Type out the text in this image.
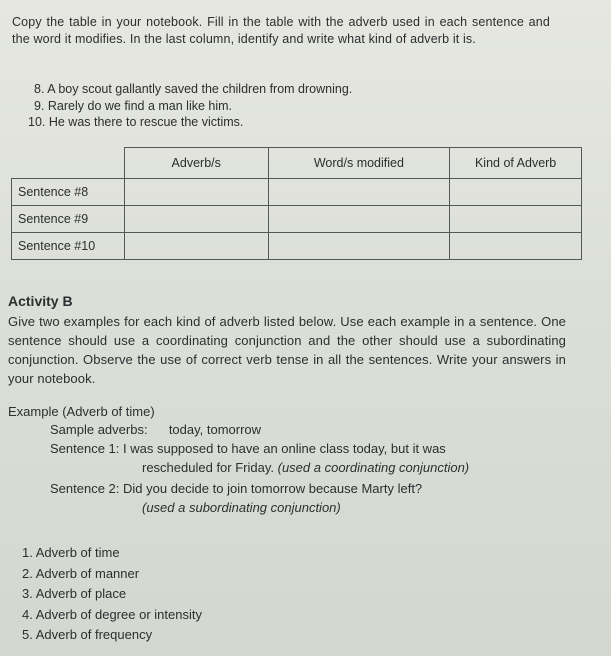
Copy the table in your notebook. Fill in the table with the adverb used in each sentence and the word it modifies. In the last column, identify and write what kind of adverb it is.
8. A boy scout gallantly saved the children from drowning.
9. Rarely do we find a man like him.
10. He was there to rescue the victims.
	Adverb/s	Word/s modified	Kind of Adverb
Sentence #8			
Sentence #9			
Sentence #10			
Activity B
Give two examples for each kind of adverb listed below. Use each example in a sentence. One sentence should use a coordinating conjunction and the other should use a subordinating conjunction. Observe the use of correct verb tense in all the sentences. Write your answers in your notebook.
Example (Adverb of time)
Sample adverbs: today, tomorrow
Sentence 1: I was supposed to have an online class today, but it was
rescheduled for Friday. (used a coordinating conjunction)
Sentence 2: Did you decide to join tomorrow because Marty left?
(used a subordinating conjunction)
1. Adverb of time
2. Adverb of manner
3. Adverb of place
4. Adverb of degree or intensity
5. Adverb of frequency
